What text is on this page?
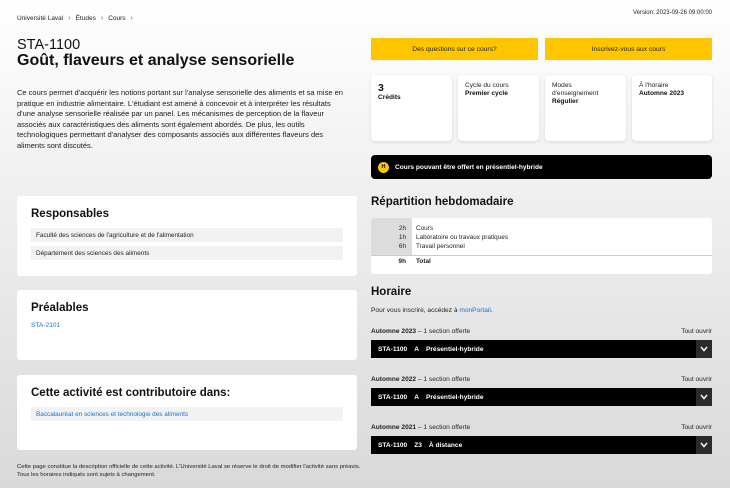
Université Laval › Études › Cours ›
Version: 2023-09-26 09:00:00
STA-1100
Goût, flaveurs et analyse sensorielle

Ce cours permet d'acquérir les notions portant sur l'analyse sensorielle des aliments et sa mise en pratique en industrie alimentaire. L'étudiant est amené à concevoir et à interpréter les résultats d'une analyse sensorielle réalisée par un panel. Les mécanismes de perception de la flaveur associés aux caractéristiques des aliments sont également abordés. De plus, les outils technologiques permettant d'analyser des composants associés aux différentes flaveurs des aliments sont discutés.

Des questions sur ce cours?	Inscrivez-vous aux cours
3
Crédits
Cycle du cours
Premier cycle
Modes d'enseignement
Régulier
À l'horaire
Automne 2023
H	Cours pouvant être offert en présentiel-hybride
Responsables
Faculté des sciences de l'agriculture et de l'alimentation
Département des sciences des aliments
Préalables
STA-2101
Cette activité est contributoire dans:
Baccalauréat en sciences et technologie des aliments
Répartition hebdomadaire
2h Cours
1h Laboratoire ou travaux pratiques
6h Travail personnel
9h Total
Horaire
Pour vous inscrire, accédez à monPortail.
Automne 2023 – 1 section offerte	Tout ouvrir
STA-1100 A Présentiel-hybride
Automne 2022 – 1 section offerte	Tout ouvrir
STA-1100 A Présentiel-hybride
Automne 2021 – 1 section offerte	Tout ouvrir
STA-1100 Z3 À distance
Cette page constitue la description officielle de cette activité. L'Université Laval se réserve le droit de modifier l'activité sans préavis.
Tous les horaires indiqués sont sujets à changement.
